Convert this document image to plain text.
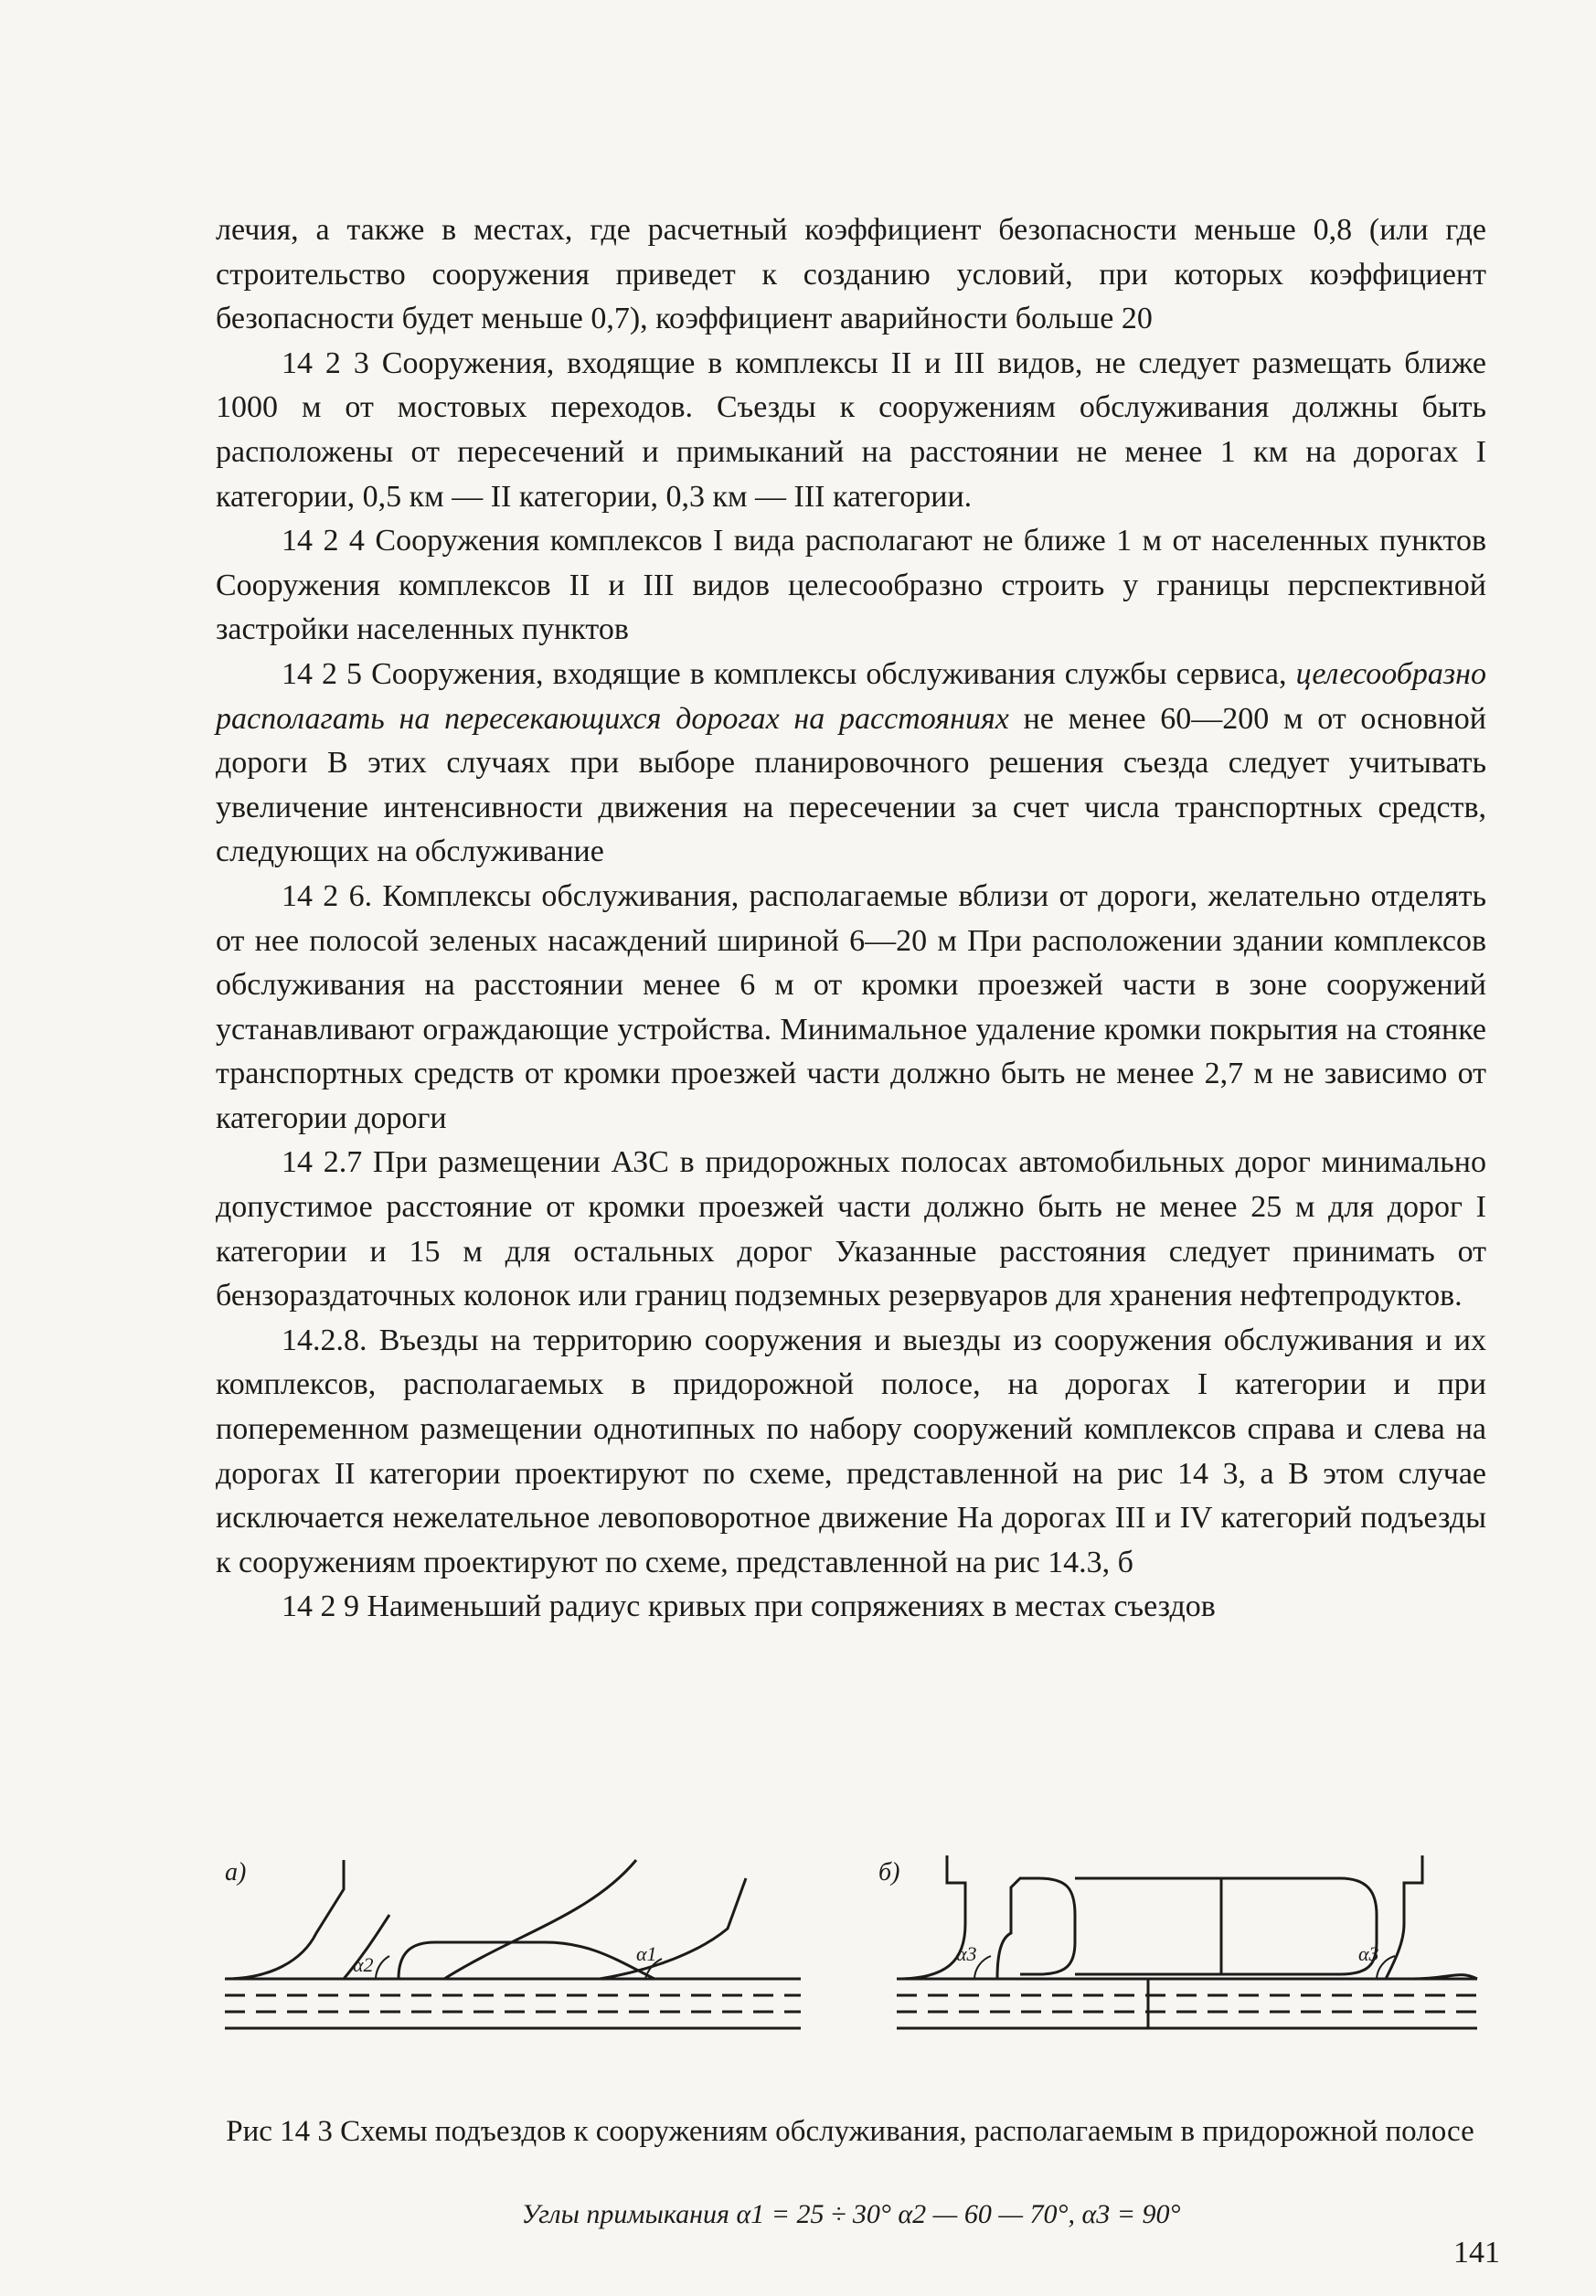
лечия, а также в местах, где расчетный коэффициент безопасности меньше 0,8 (или где строительство сооружения приведет к созданию условий, при которых коэффициент безопасности будет меньше 0,7), коэффициент аварийности больше 20

14 2 3 Сооружения, входящие в комплексы II и III видов, не следует размещать ближе 1000 м от мостовых переходов. Съезды к сооружениям обслуживания должны быть расположены от пересечений и примыканий на расстоянии не менее 1 км на дорогах I категории, 0,5 км — II категории, 0,3 км — III категории.

14 2 4 Сооружения комплексов I вида располагают не ближе 1 м от населенных пунктов Сооружения комплексов II и III видов целесообразно строить у границы перспективной застройки населенных пунктов

14 2 5 Сооружения, входящие в комплексы обслуживания службы сервиса, целесообразно располагать на пересекающихся дорогах на расстояниях не менее 60—200 м от основной дороги В этих случаях при выборе планировочного решения съезда следует учитывать увеличение интенсивности движения на пересечении за счет числа транспортных средств, следующих на обслуживание

14 2 6. Комплексы обслуживания, располагаемые вблизи от дороги, желательно отделять от нее полосой зеленых насаждений шириной 6—20 м При расположении здании комплексов обслуживания на расстоянии менее 6 м от кромки проезжей части в зоне сооружений устанавливают ограждающие устройства. Минимальное удаление кромки покрытия на стоянке транспортных средств от кромки проезжей части должно быть не менее 2,7 м не зависимо от категории дороги

14 2.7 При размещении АЗС в придорожных полосах автомобильных дорог минимально допустимое расстояние от кромки проезжей части должно быть не менее 25 м для дорог I категории и 15 м для остальных дорог Указанные расстояния следует принимать от бензораздаточных колонок или границ подземных резервуаров для хранения нефтепродуктов.

14.2.8. Въезды на территорию сооружения и выезды из сооружения обслуживания и их комплексов, располагаемых в придорожной полосе, на дорогах I категории и при попеременном размещении однотипных по набору сооружений комплексов справа и слева на дорогах II категории проектируют по схеме, представленной на рис 14 3, а В этом случае исключается нежелательное левоповоротное движение На дорогах III и IV категорий подъезды к сооружениям проектируют по схеме, представленной на рис 14.3, б

14 2 9 Наименьший радиус кривых при сопряжениях в местах съездов

а)	б)
α2	α1	α3	α3
Рис 14 3 Схемы подъездов к сооружениям обслуживания, располагаемым в придорожной полосе
Углы примыкания α1 = 25 ÷ 30° α2 — 60 — 70°, α3 = 90°
141
